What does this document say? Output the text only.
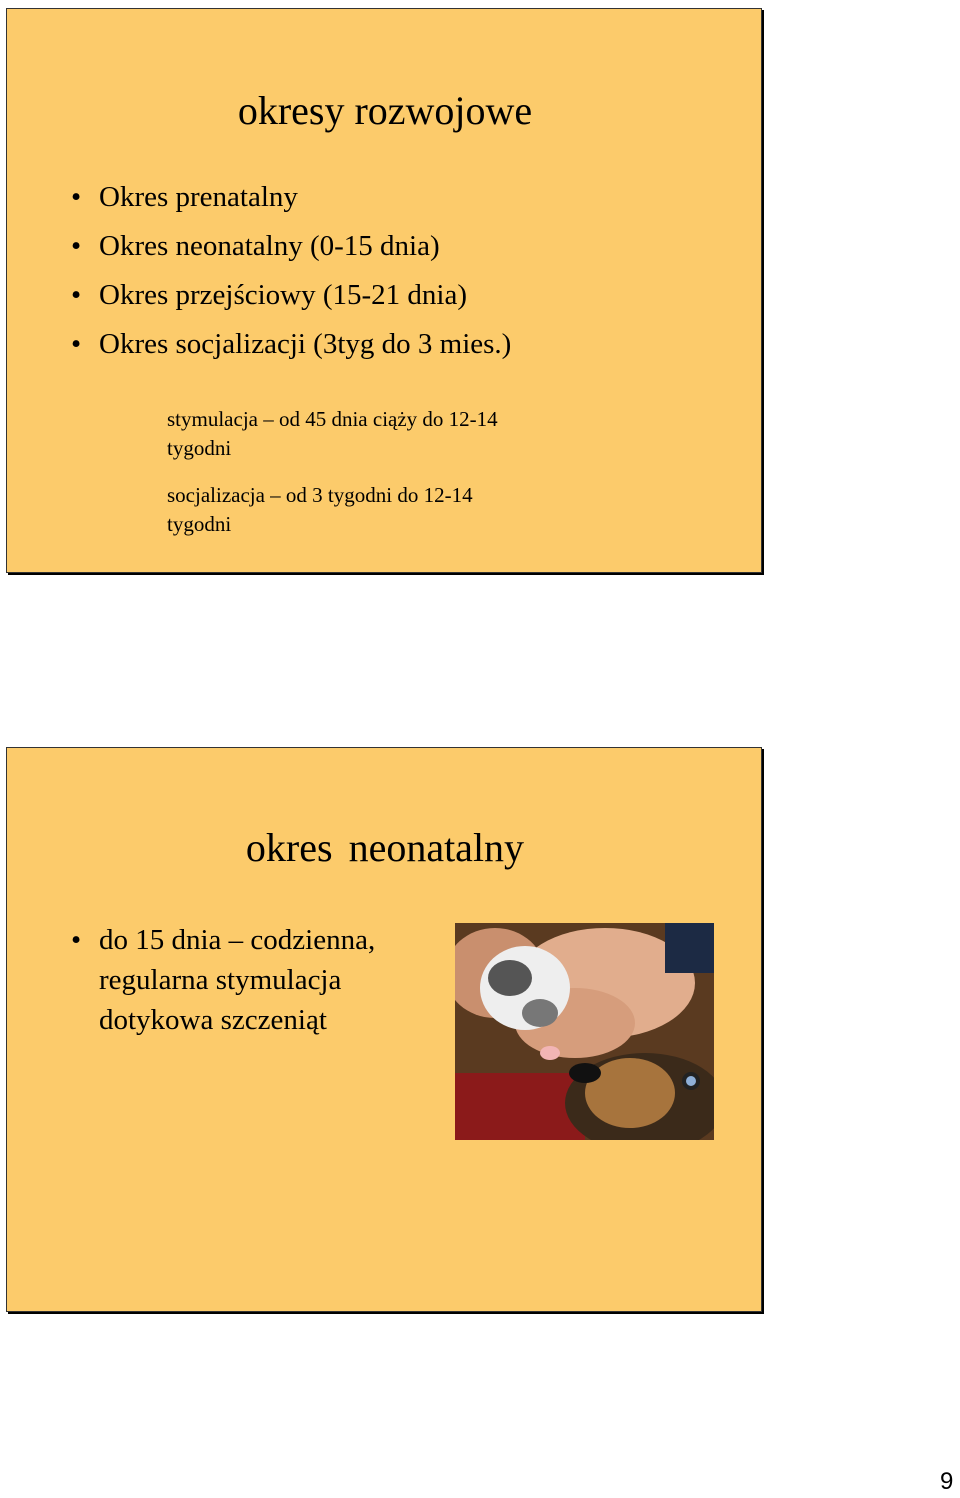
okresy rozwojowe
• Okres prenatalny
• Okres neonatalny (0-15 dnia)
• Okres przejściowy (15-21 dnia)
• Okres socjalizacji (3tyg do 3 mies.)
stymulacja – od 45 dnia ciąży do 12-14 tygodni
socjalizacja – od 3 tygodni do 12-14 tygodni
okres neonatalny
• do 15 dnia – codzienna, regularna stymulacja dotykowa szczeniąt
9
